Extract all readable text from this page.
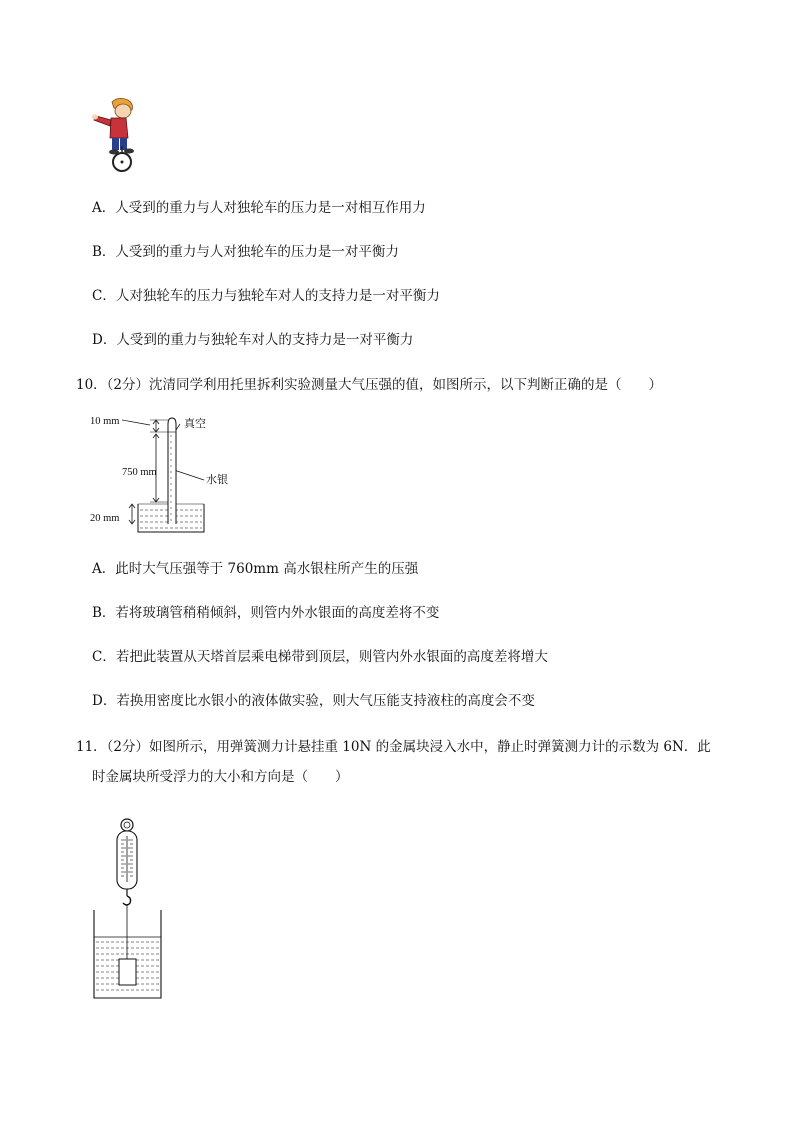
A．人受到的重力与人对独轮车的压力是一对相互作用力
B．人受到的重力与人对独轮车的压力是一对平衡力
C．人对独轮车的压力与独轮车对人的支持力是一对平衡力
D．人受到的重力与独轮车对人的支持力是一对平衡力
10．（2分）沈清同学利用托里拆利实验测量大气压强的值，如图所示，以下判断正确的是（　　）
10 mm
750 mm
20 mm
真空
水银
A．此时大气压强等于 760mm 高水银柱所产生的压强
B．若将玻璃管稍稍倾斜，则管内外水银面的高度差将不变
C．若把此装置从天塔首层乘电梯带到顶层，则管内外水银面的高度差将增大
D．若换用密度比水银小的液体做实验，则大气压能支持液柱的高度会不变
11．（2分）如图所示，用弹簧测力计悬挂重 10N 的金属块浸入水中，静止时弹簧测力计的示数为 6N．此
时金属块所受浮力的大小和方向是（　　）
